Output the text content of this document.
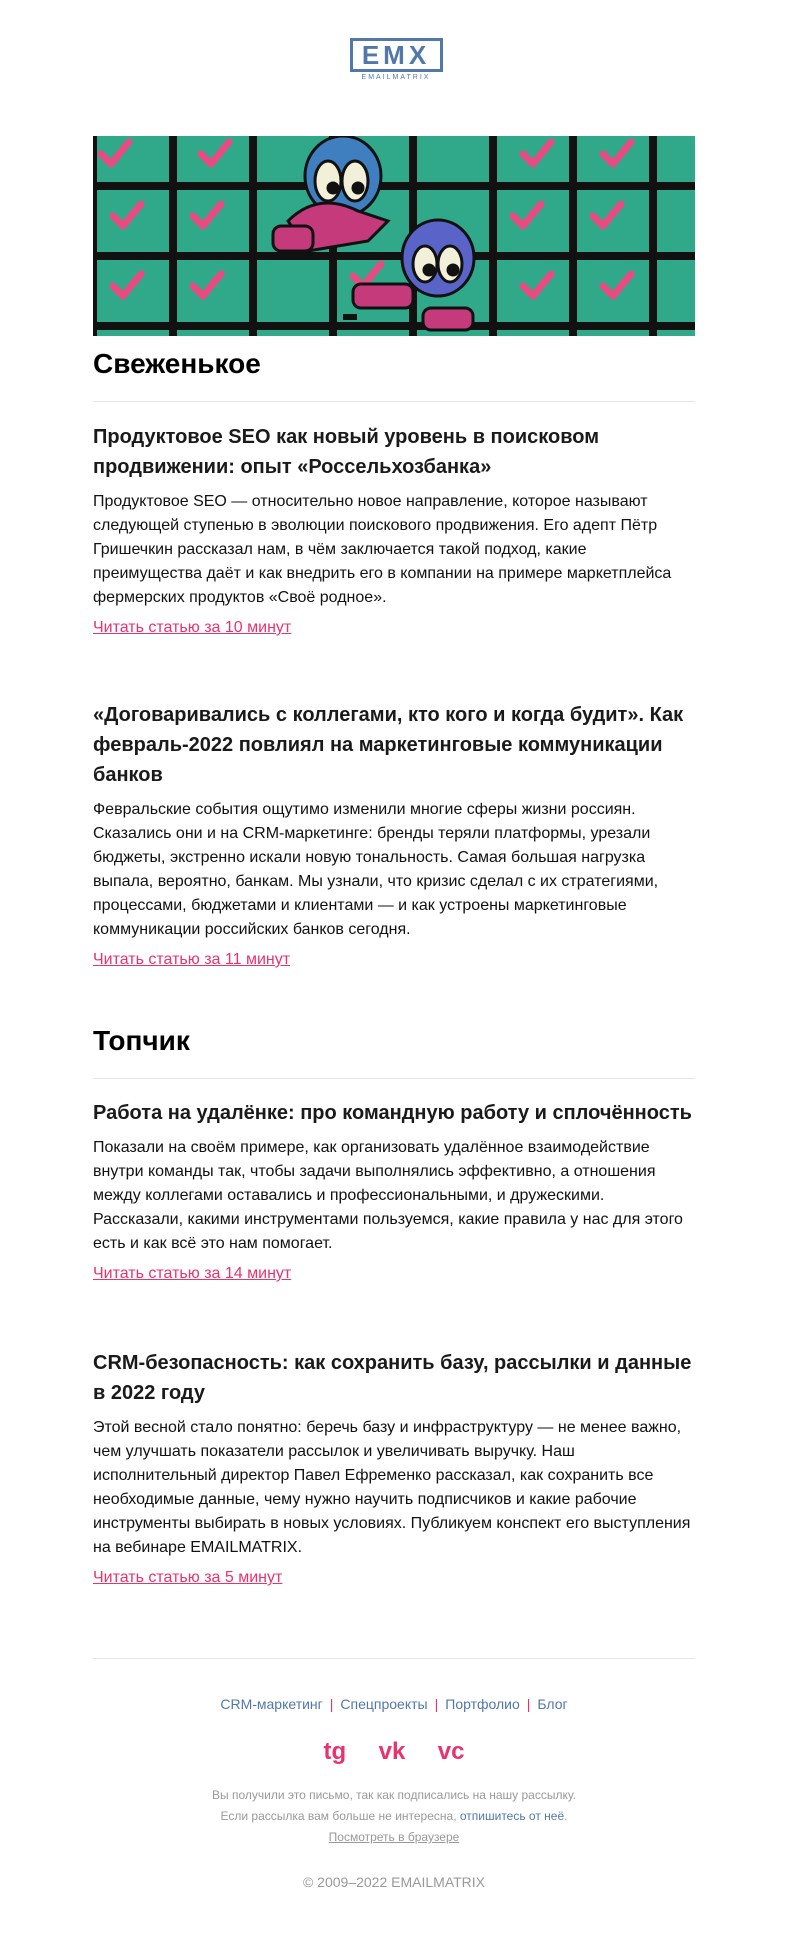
EMX
EMAILMATRIX
Свеженькое
Продуктовое SEO как новый уровень в поисковом продвижении: опыт «Россельхозбанка»

Продуктовое SEO — относительно новое направление, которое называют следующей ступенью в эволюции поискового продвижения. Его адепт Пётр Гришечкин рассказал нам, в чём заключается такой подход, какие преимущества даёт и как внедрить его в компании на примере маркетплейса фермерских продуктов «Своё родное».

Читать статью за 10 минут
«Договаривались с коллегами, кто кого и когда будит». Как февраль-2022 повлиял на маркетинговые коммуникации банков

Февральские события ощутимо изменили многие сферы жизни россиян. Сказались они и на CRM-маркетинге: бренды теряли платформы, урезали бюджеты, экстренно искали новую тональность. Самая большая нагрузка выпала, вероятно, банкам. Мы узнали, что кризис сделал с их стратегиями, процессами, бюджетами и клиентами — и как устроены маркетинговые коммуникации российских банков сегодня.

Читать статью за 11 минут
Топчик
Работа на удалёнке: про командную работу и сплочённость

Показали на своём примере, как организовать удалённое взаимодействие внутри команды так, чтобы задачи выполнялись эффективно, а отношения между коллегами оставались и профессиональными, и дружескими. Рассказали, какими инструментами пользуемся, какие правила у нас для этого есть и как всё это нам помогает.

Читать статью за 14 минут
CRM-безопасность: как сохранить базу, рассылки и данные в 2022 году

Этой весной стало понятно: беречь базу и инфраструктуру — не менее важно, чем улучшать показатели рассылок и увеличивать выручку. Наш исполнительный директор Павел Ефременко рассказал, как сохранить все необходимые данные, чему нужно научить подписчиков и какие рабочие инструменты выбирать в новых условиях. Публикуем конспект его выступления на вебинаре EMAILMATRIX.

Читать статью за 5 минут
CRM-маркетинг | Спецпроекты | Портфолио | Блог
tg vk vc
Вы получили это письмо, так как подписались на нашу рассылку.
Если рассылка вам больше не интересна, отпишитесь от неё.
Посмотреть в браузере
© 2009–2022 EMAILMATRIX
